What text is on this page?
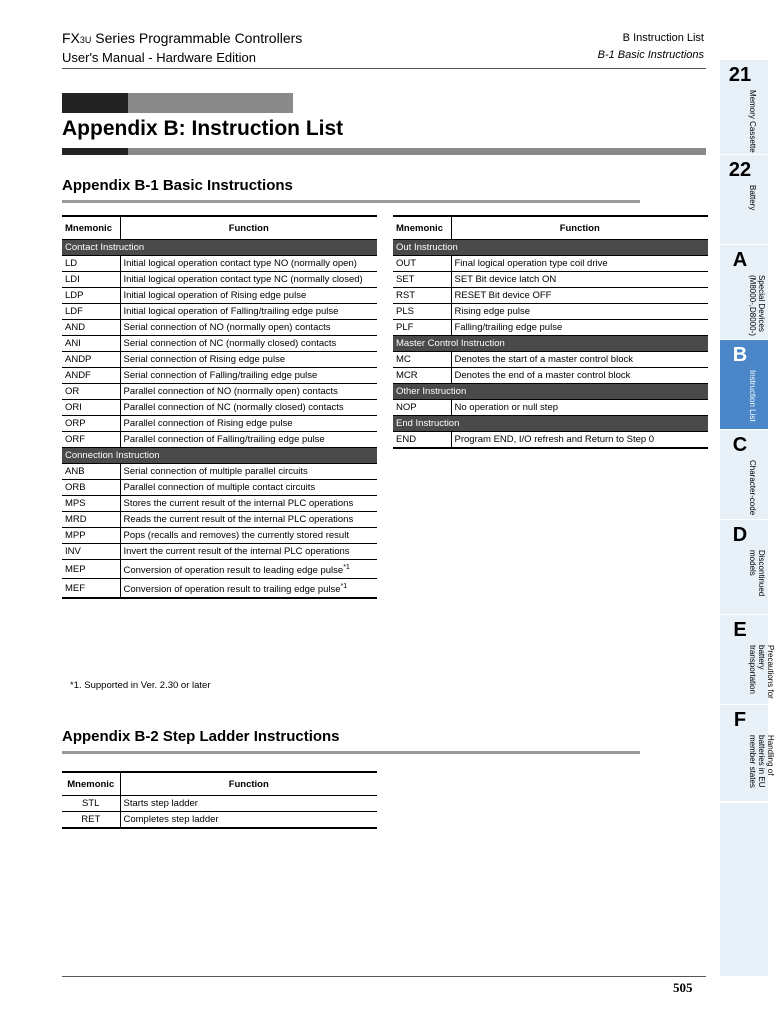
FX3U Series Programmable Controllers
User's Manual - Hardware Edition
B Instruction List
B-1 Basic Instructions
Appendix B: Instruction List
Appendix B-1 Basic Instructions
Mnemonic	Function
Contact Instruction	
LD	Initial logical operation contact type NO (normally open)
LDI	Initial logical operation contact type NC (normally closed)
LDP	Initial logical operation of Rising edge pulse
LDF	Initial logical operation of Falling/trailing edge pulse
AND	Serial connection of NO (normally open) contacts
ANI	Serial connection of NC (normally closed) contacts
ANDP	Serial connection of Rising edge pulse
ANDF	Serial connection of Falling/trailing edge pulse
OR	Parallel connection of NO (normally open) contacts
ORI	Parallel connection of NC (normally closed) contacts
ORP	Parallel connection of Rising edge pulse
ORF	Parallel connection of Falling/trailing edge pulse
Connection Instruction	
ANB	Serial connection of multiple parallel circuits
ORB	Parallel connection of multiple contact circuits
MPS	Stores the current result of the internal PLC operations
MRD	Reads the current result of the internal PLC operations
MPP	Pops (recalls and removes) the currently stored result
INV	Invert the current result of the internal PLC operations
MEP	Conversion of operation result to leading edge pulse$^{*1}$
MEF	Conversion of operation result to trailing edge pulse$^{*1}$
Mnemonic	Function
Out Instruction	
OUT	Final logical operation type coil drive
SET	SET Bit device latch ON
RST	RESET Bit device OFF
PLS	Rising edge pulse
PLF	Falling/trailing edge pulse
Master Control Instruction	
MC	Denotes the start of a master control block
MCR	Denotes the end of a master control block
Other Instruction	
NOP	No operation or null step
End Instruction	
END	Program END, I/O refresh and Return to Step 0
*1. Supported in Ver. 2.30 or later
Appendix B-2 Step Ladder Instructions
Mnemonic	Function
STL	Starts step ladder
RET	Completes step ladder
505
21
Memory Cassette
22
Battery
A
Special Devices (M8000-,D8000-)
B
Instruction List
C
Character-code
D
Discontinued models
E
Precautions for battery transportation
F
Handling of batteries in EU member states
